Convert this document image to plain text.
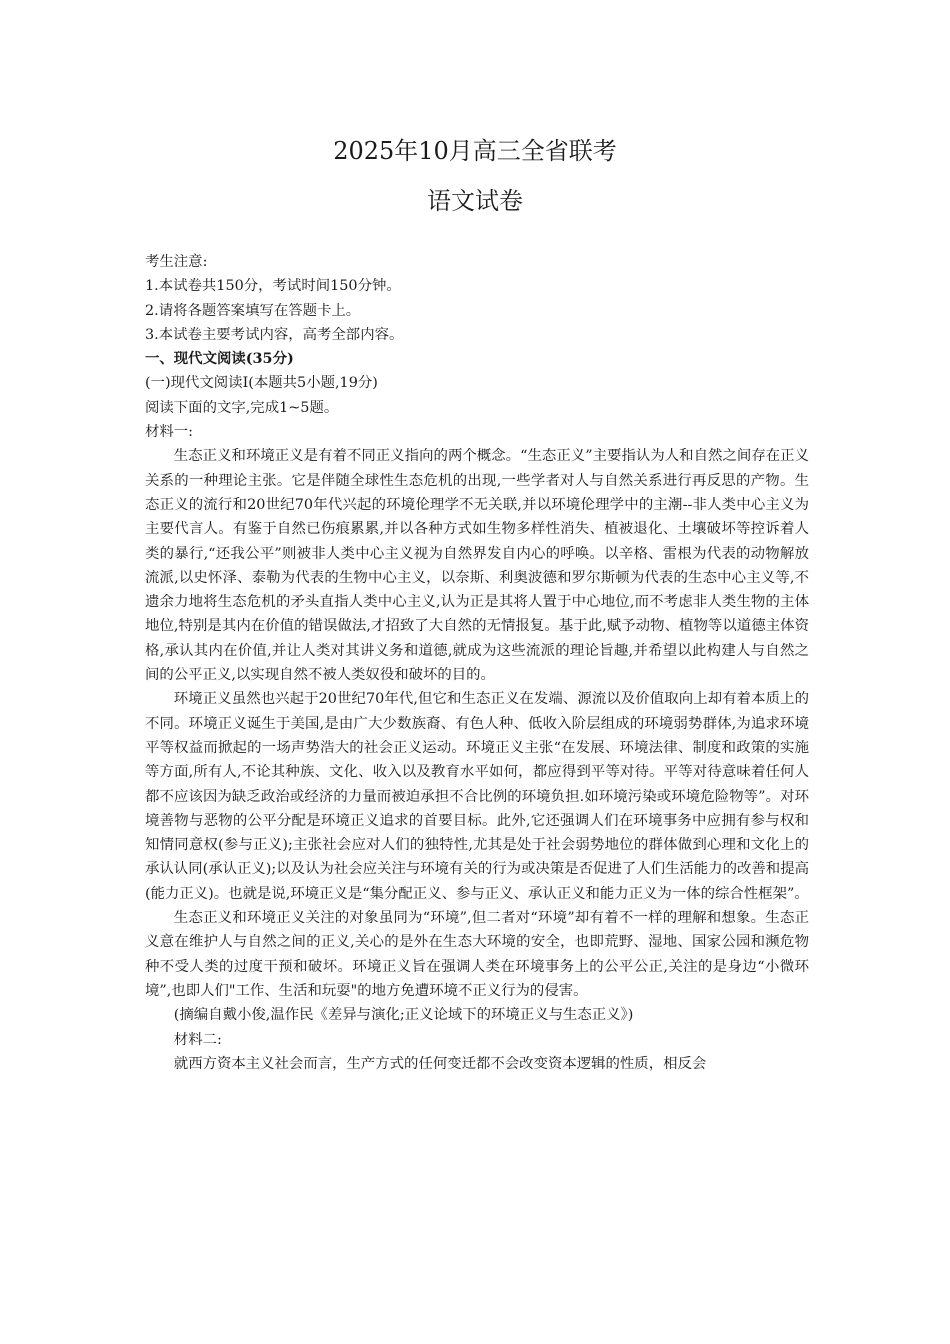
2025年10月高三全省联考
语文试卷

考生注意:

1.本试卷共150分，考试时间150分钟。

2.请将各题答案填写在答题卡上。

3.本试卷主要考试内容，高考全部内容。

一、现代文阅读(35分)

(一)现代文阅读Ⅰ(本题共5小题,19分)

阅读下面的文字,完成1~5题。

材料一:

生态正义和环境正义是有着不同正义指向的两个概念。“生态正义”主要指认为人和自然之间存在正义关系的一种理论主张。它是伴随全球性生态危机的出现,一些学者对人与自然关系进行再反思的产物。生态正义的流行和20世纪70年代兴起的环境伦理学不无关联,并以环境伦理学中的主潮--非人类中心主义为主要代言人。有鉴于自然已伤痕累累,并以各种方式如生物多样性消失、植被退化、土壤破坏等控诉着人类的暴行,“还我公平”则被非人类中心主义视为自然界发自内心的呼唤。以辛格、雷根为代表的动物解放流派,以史怀泽、泰勒为代表的生物中心主义，以奈斯、利奥波德和罗尔斯顿为代表的生态中心主义等,不遗余力地将生态危机的矛头直指人类中心主义,认为正是其将人置于中心地位,而不考虑非人类生物的主体地位,特别是其内在价值的错误做法,才招致了大自然的无情报复。基于此,赋予动物、植物等以道德主体资格,承认其内在价值,并让人类对其讲义务和道德,就成为这些流派的理论旨趣,并希望以此构建人与自然之间的公平正义,以实现自然不被人类奴役和破坏的目的。

环境正义虽然也兴起于20世纪70年代,但它和生态正义在发端、源流以及价值取向上却有着本质上的不同。环境正义诞生于美国,是由广大少数族裔、有色人种、低收入阶层组成的环境弱势群体,为追求环境平等权益而掀起的一场声势浩大的社会正义运动。环境正义主张“在发展、环境法律、制度和政策的实施等方面,所有人,不论其种族、文化、收入以及教育水平如何，都应得到平等对待。平等对待意味着任何人都不应该因为缺乏政治或经济的力量而被迫承担不合比例的环境负担.如环境污染或环境危险物等”。对环境善物与恶物的公平分配是环境正义追求的首要目标。此外,它还强调人们在环境事务中应拥有参与权和知情同意权(参与正义);主张社会应对人们的独特性,尤其是处于社会弱势地位的群体做到心理和文化上的承认认同(承认正义);以及认为社会应关注与环境有关的行为或决策是否促进了人们生活能力的改善和提高(能力正义)。也就是说,环境正义是“集分配正义、参与正义、承认正义和能力正义为一体的综合性框架”。

生态正义和环境正义关注的对象虽同为“环境”,但二者对“环境”却有着不一样的理解和想象。生态正义意在维护人与自然之间的正义,关心的是外在生态大环境的安全，也即荒野、湿地、国家公园和濒危物种不受人类的过度干预和破坏。环境正义旨在强调人类在环境事务上的公平公正,关注的是身边“小微环境”,也即人们"工作、生活和玩耍"的地方免遭环境不正义行为的侵害。

(摘编自戴小俊,温作民《差异与演化;正义论域下的环境正义与生态正义》)

材料二:

就西方资本主义社会而言，生产方式的任何变迁都不会改变资本逻辑的性质，相反会
